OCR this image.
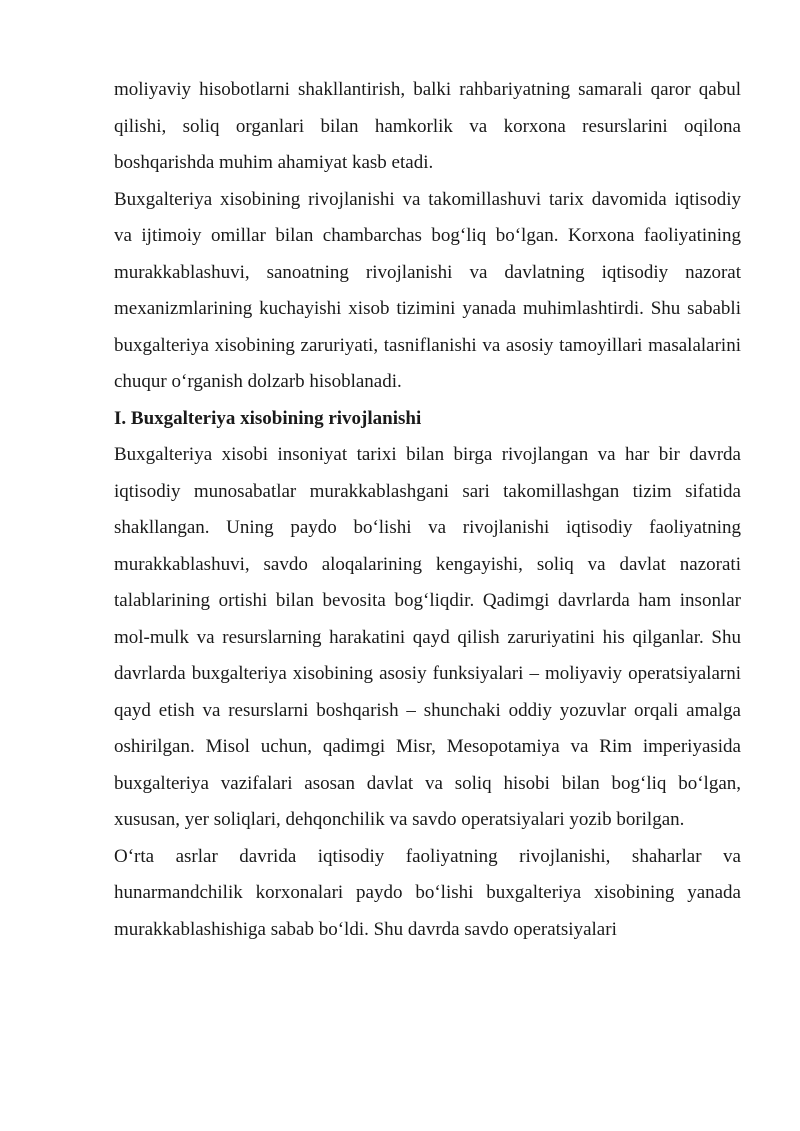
moliyaviy hisobotlarni shakllantirish, balki rahbariyatning samarali qaror qabul qilishi, soliq organlari bilan hamkorlik va korxona resurslarini oqilona boshqarishda muhim ahamiyat kasb etadi.

Buxgalteriya xisobining rivojlanishi va takomillashuvi tarix davomida iqtisodiy va ijtimoiy omillar bilan chambarchas bog‘liq bo‘lgan. Korxona faoliyatining murakkablashuvi, sanoatning rivojlanishi va davlatning iqtisodiy nazorat mexanizmlarining kuchayishi xisob tizimini yanada muhimlashtirdi. Shu sababli buxgalteriya xisobining zaruriyati, tasniflanishi va asosiy tamoyillari masalalarini chuqur o‘rganish dolzarb hisoblanadi.

I. Buxgalteriya xisobining rivojlanishi

Buxgalteriya xisobi insoniyat tarixi bilan birga rivojlangan va har bir davrda iqtisodiy munosabatlar murakkablashgani sari takomillashgan tizim sifatida shakllangan. Uning paydo bo‘lishi va rivojlanishi iqtisodiy faoliyatning murakkablashuvi, savdo aloqalarining kengayishi, soliq va davlat nazorati talablarining ortishi bilan bevosita bog‘liqdir. Qadimgi davrlarda ham insonlar mol-mulk va resurslarning harakatini qayd qilish zaruriyatini his qilganlar. Shu davrlarda buxgalteriya xisobining asosiy funksiyalari – moliyaviy operatsiyalarni qayd etish va resurslarni boshqarish – shunchaki oddiy yozuvlar orqali amalga oshirilgan. Misol uchun, qadimgi Misr, Mesopotamiya va Rim imperiyasida buxgalteriya vazifalari asosan davlat va soliq hisobi bilan bog‘liq bo‘lgan, xususan, yer soliqlari, dehqonchilik va savdo operatsiyalari yozib borilgan.

O‘rta asrlar davrida iqtisodiy faoliyatning rivojlanishi, shaharlar va hunarmandchilik korxonalari paydo bo‘lishi buxgalteriya xisobining yanada murakkablashishiga sabab bo‘ldi. Shu davrda savdo operatsiyalari
